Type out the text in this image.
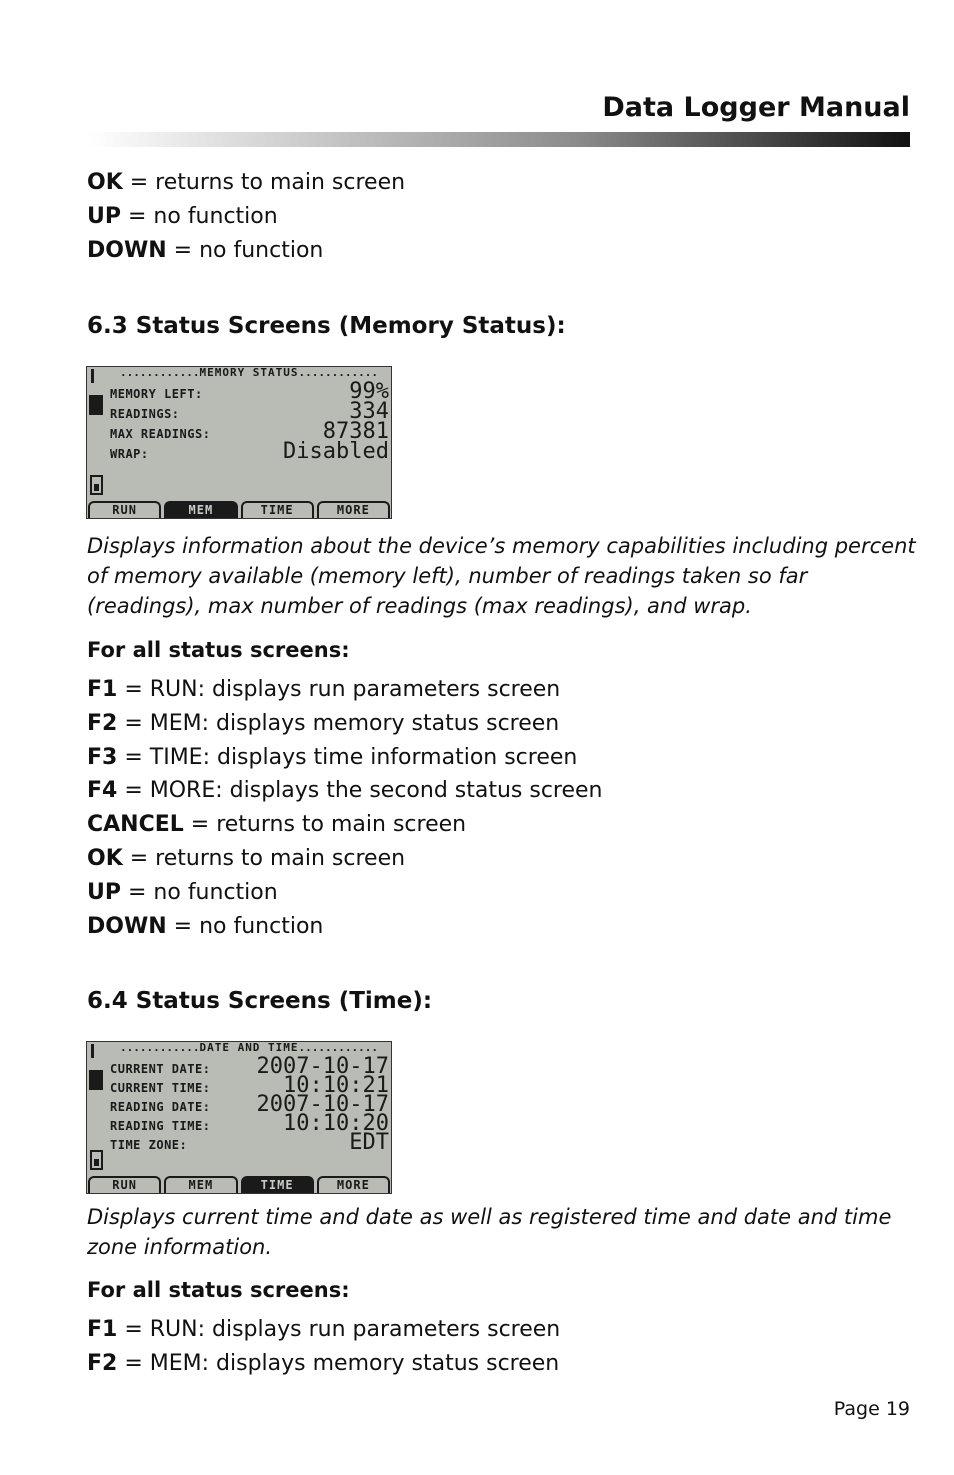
Data Logger Manual
OK = returns to main screen
UP = no function
DOWN = no function
6.3 Status Screens (Memory Status):
..... MEMORY STATUS .....
MEMORY LEFT:	99%
READINGS:	334
MAX READINGS:	87381
WRAP:	Disabled
RUN	MEM	TIME	MORE
Displays information about the device’s memory capabilities including percent of memory available (memory left), number of readings taken so far (readings), max number of readings (max readings), and wrap.
For all status screens:
F1 = RUN: displays run parameters screen
F2 = MEM: displays memory status screen
F3 = TIME: displays time information screen
F4 = MORE: displays the second status screen
CANCEL = returns to main screen
OK = returns to main screen
UP = no function
DOWN = no function
6.4 Status Screens (Time):
..... DATE AND TIME .....
CURRENT DATE: 2007-10-17
CURRENT TIME:	10:10:21
READING DATE: 2007-10-17
READING TIME:	10:10:20
TIME ZONE:	EDT
RUN	MEM	TIME	MORE
Displays current time and date as well as registered time and date and time zone information.
For all status screens:
F1 = RUN: displays run parameters screen
F2 = MEM: displays memory status screen
Page 19
